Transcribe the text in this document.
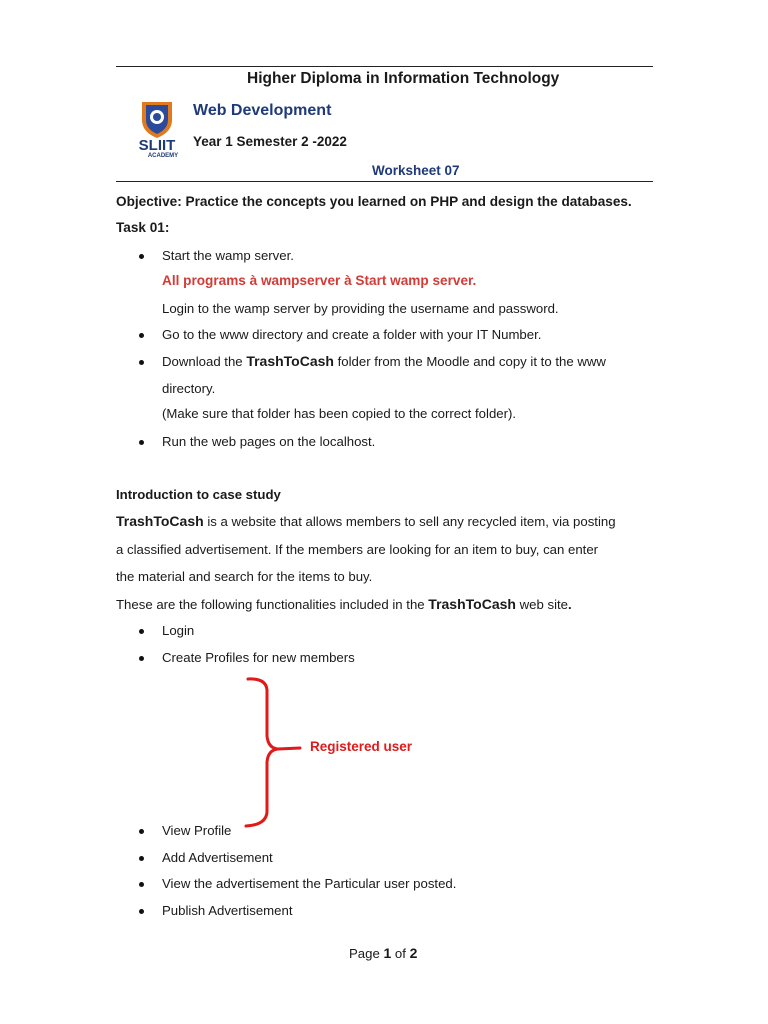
Higher Diploma in Information Technology
SLIIT
ACADEMY
Web Development
Year 1 Semester 2 -2022
Worksheet 07
Objective: Practice the concepts you learned on PHP and design the databases.
Task 01:
Start the wamp server.
All programs à wampserver à Start wamp server.
Login to the wamp server by providing the username and password.
Go to the www directory and create a folder with your IT Number.
Download the TrashToCash folder from the Moodle and copy it to the www
directory.
(Make sure that folder has been copied to the correct folder).
Run the web pages on the localhost.
Introduction to case study
TrashToCash is a website that allows members to sell any recycled item, via posting
a classified advertisement. If the members are looking for an item to buy, can enter
the material and search for the items to buy.
These are the following functionalities included in the TrashToCash web site.
Login
Create Profiles for new members
Registered user
View Profile
Add Advertisement
View the advertisement the Particular user posted.
Publish Advertisement
Page 1 of 2
